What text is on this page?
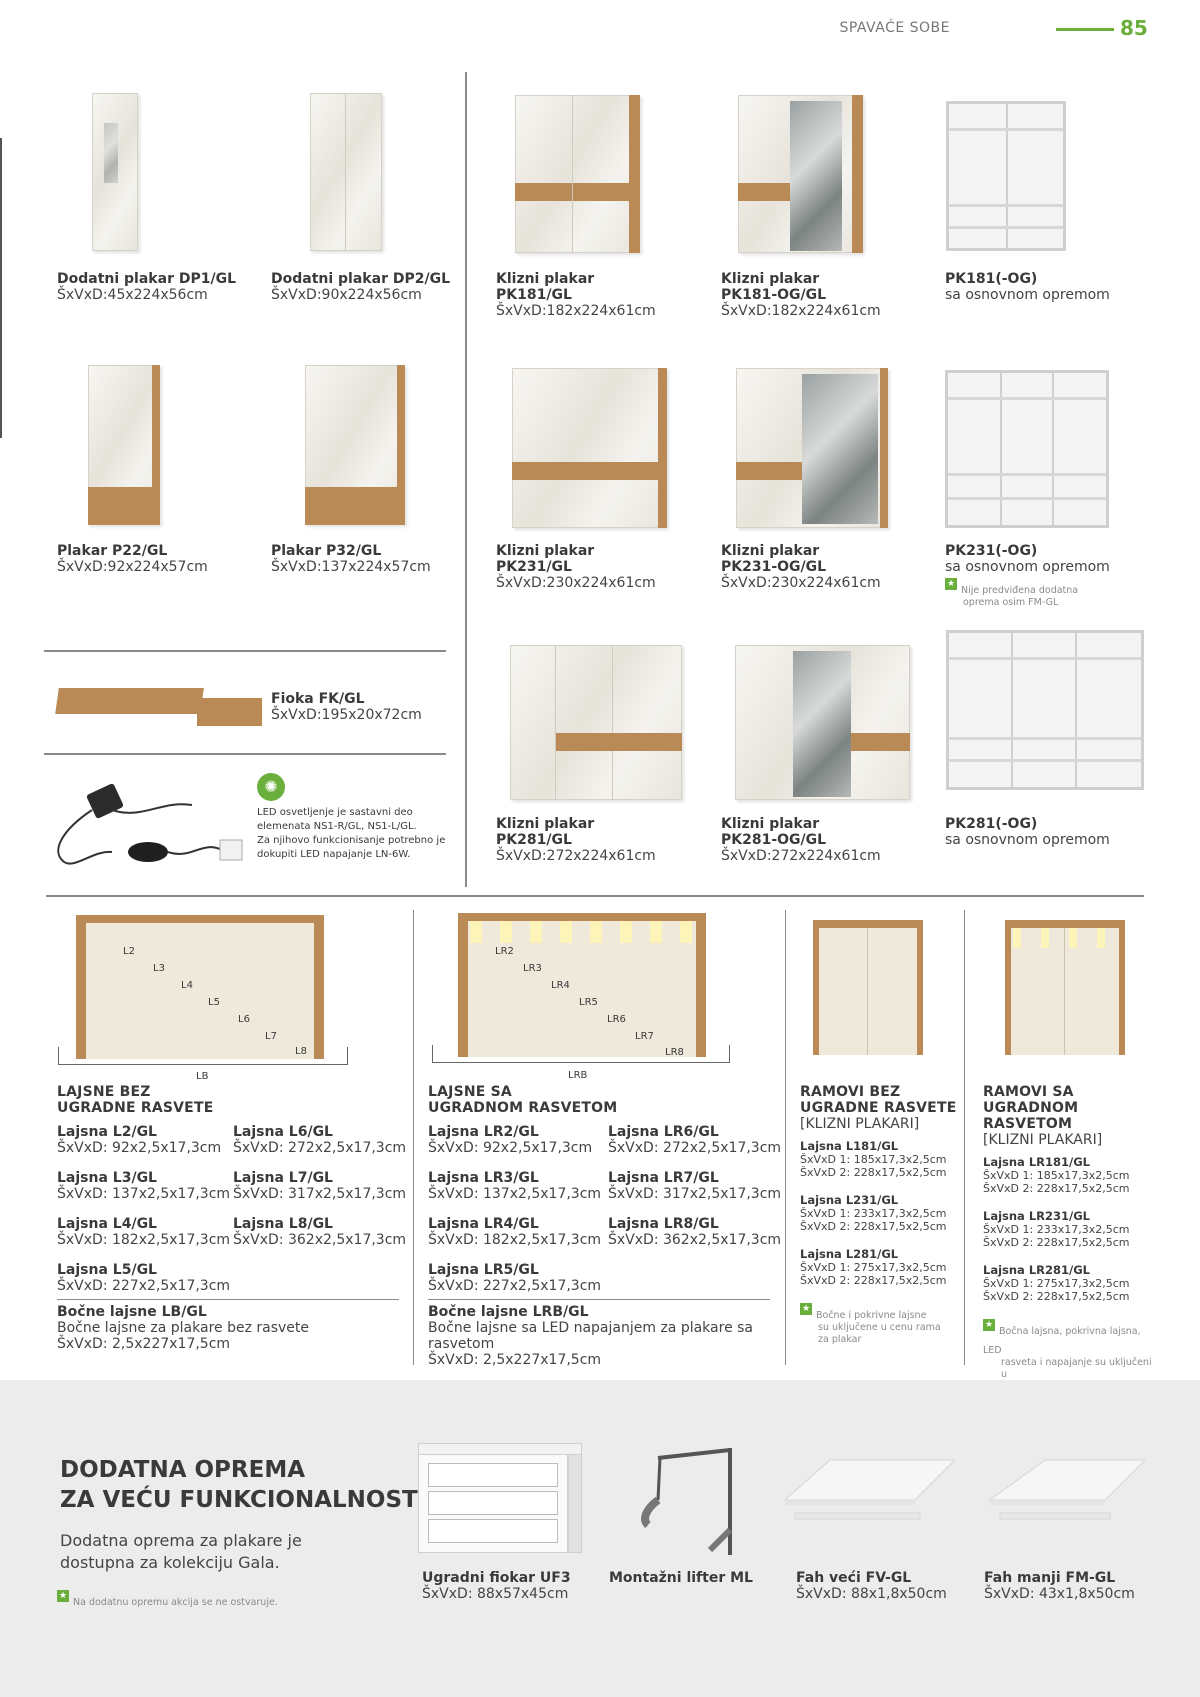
SPAVAĆE SOBE	85
Dodatni plakar DP1/GL
ŠxVxD:45x224x56cm
Dodatni plakar DP2/GL
ŠxVxD:90x224x56cm
Klizni plakar
PK181/GL
ŠxVxD:182x224x61cm
Klizni plakar
PK181-OG/GL
ŠxVxD:182x224x61cm
PK181(-OG)
sa osnovnom opremom
Plakar P22/GL
ŠxVxD:92x224x57cm
Plakar P32/GL
ŠxVxD:137x224x57cm
Klizni plakar
PK231/GL
ŠxVxD:230x224x61cm
Klizni plakar
PK231-OG/GL
ŠxVxD:230x224x61cm
PK231(-OG)
sa osnovnom opremom
★Nije predviđena dodatna
oprema osim FM-GL
Fioka FK/GL
ŠxVxD:195x20x72cm
✺
LED osvetljenje je sastavni deo
elemenata NS1-R/GL, NS1-L/GL.
Za njihovo funkcionisanje potrebno je
dokupiti LED napajanje LN-6W.
Klizni plakar
PK281/GL
ŠxVxD:272x224x61cm
Klizni plakar
PK281-OG/GL
ŠxVxD:272x224x61cm
PK281(-OG)
sa osnovnom opremom
L2
L3
L4
L5
L6
L7
L8
LB
LR2
LR3
LR4
LR5
LR6
LR7
LR8
LRB
LAJSNE BEZ
UGRADNE RASVETE
Lajsna L2/GL
ŠxVxD: 92x2,5x17,3cm
Lajsna L6/GL
ŠxVxD: 272x2,5x17,3cm
Lajsna L3/GL
ŠxVxD: 137x2,5x17,3cm
Lajsna L7/GL
ŠxVxD: 317x2,5x17,3cm
Lajsna L4/GL
ŠxVxD: 182x2,5x17,3cm
Lajsna L8/GL
ŠxVxD: 362x2,5x17,3cm
Lajsna L5/GL
ŠxVxD: 227x2,5x17,3cm
Bočne lajsne LB/GL
Bočne lajsne za plakare bez rasvete
ŠxVxD: 2,5x227x17,5cm
LAJSNE SA
UGRADNOM RASVETOM
Lajsna LR2/GL
ŠxVxD: 92x2,5x17,3cm
Lajsna LR6/GL
ŠxVxD: 272x2,5x17,3cm
Lajsna LR3/GL
ŠxVxD: 137x2,5x17,3cm
Lajsna LR7/GL
ŠxVxD: 317x2,5x17,3cm
Lajsna LR4/GL
ŠxVxD: 182x2,5x17,3cm
Lajsna LR8/GL
ŠxVxD: 362x2,5x17,3cm
Lajsna LR5/GL
ŠxVxD: 227x2,5x17,3cm
Bočne lajsne LRB/GL
Bočne lajsne sa LED napajanjem za plakare sa
rasvetom
ŠxVxD: 2,5x227x17,5cm
RAMOVI BEZ
UGRADNE RASVETE
[KLIZNI PLAKARI]
Lajsna L181/GL
ŠxVxD 1: 185x17,3x2,5cm
ŠxVxD 2: 228x17,5x2,5cm
Lajsna L231/GL
ŠxVxD 1: 233x17,3x2,5cm
ŠxVxD 2: 228x17,5x2,5cm
Lajsna L281/GL
ŠxVxD 1: 275x17,3x2,5cm
ŠxVxD 2: 228x17,5x2,5cm
★Bočne i pokrivne lajsne
su uključene u cenu rama
za plakar
RAMOVI SA
UGRADNOM RASVETOM
[KLIZNI PLAKARI]
Lajsna LR181/GL
ŠxVxD 1: 185x17,3x2,5cm
ŠxVxD 2: 228x17,5x2,5cm
Lajsna LR231/GL
ŠxVxD 1: 233x17,3x2,5cm
ŠxVxD 2: 228x17,5x2,5cm
Lajsna LR281/GL
ŠxVxD 1: 275x17,3x2,5cm
ŠxVxD 2: 228x17,5x2,5cm
★Bočna lajsna, pokrivna lajsna, LED
rasveta i napajanje su uključeni u
DODATNA OPREMA
ZA VEĆU FUNKCIONALNOST
Dodatna oprema za plakare je
dostupna za kolekciju Gala.
★Na dodatnu opremu akcija se ne ostvaruje.
Ugradni fiokar UF3
ŠxVxD: 88x57x45cm
Montažni lifter ML	Fah veći FV-GL
ŠxVxD: 88x1,8x50cm
Fah manji FM-GL
ŠxVxD: 43x1,8x50cm
